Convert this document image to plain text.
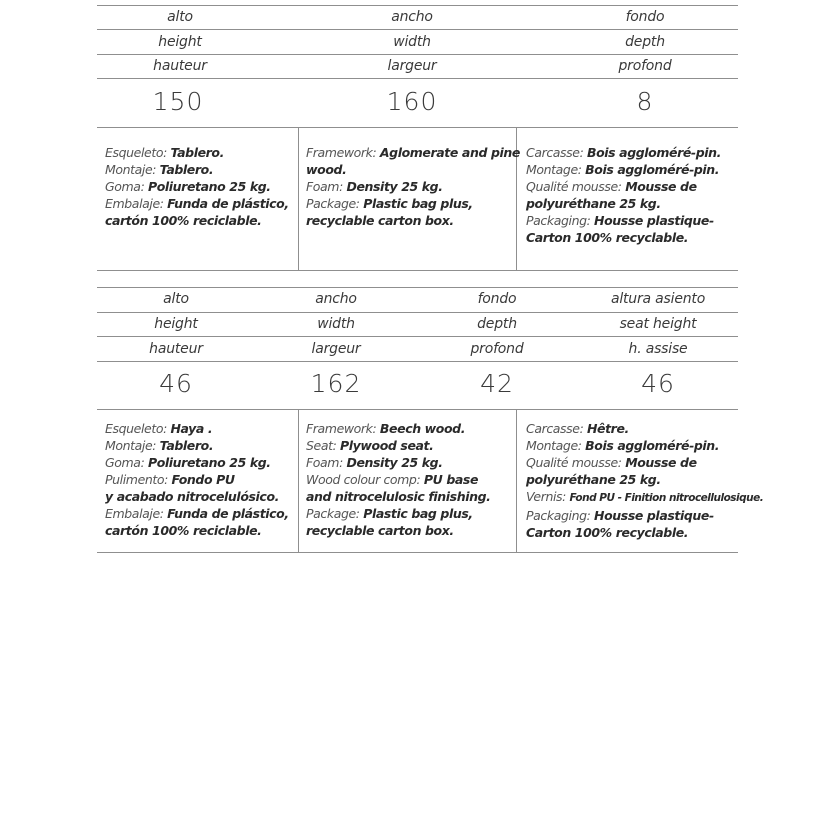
alto	ancho	fondo
height	width	depth
hauteur	largeur	profond
150	160	8
Esqueleto: Tablero.
Montaje: Tablero.
Goma: Poliuretano 25 kg.
Embalaje: Funda de plástico,
cartón 100% reciclable.
Framework: Aglomerate and pine
wood.
Foam: Density 25 kg.
Package: Plastic bag plus,
recyclable carton box.
Carcasse: Bois aggloméré-pin.
Montage: Bois aggloméré-pin.
Qualité mousse: Mousse de
polyuréthane 25 kg.
Packaging: Housse plastique-
Carton 100% recyclable.
alto	ancho	fondo	altura asiento
height	width	depth	seat height
hauteur	largeur	profond	h. assise
46	162	42	46
Esqueleto: Haya .
Montaje: Tablero.
Goma: Poliuretano 25 kg.
Pulimento: Fondo PU
y acabado nitrocelulósico.
Embalaje: Funda de plástico,
cartón 100% reciclable.
Framework: Beech wood.
Seat: Plywood seat.
Foam: Density 25 kg.
Wood colour comp: PU base
and nitrocelulosic finishing.
Package: Plastic bag plus,
recyclable carton box.
Carcasse: Hêtre.
Montage: Bois aggloméré-pin.
Qualité mousse: Mousse de
polyuréthane 25 kg.
Vernis: Fond PU - Finition nitrocellulosique.
Packaging: Housse plastique-
Carton 100% recyclable.
